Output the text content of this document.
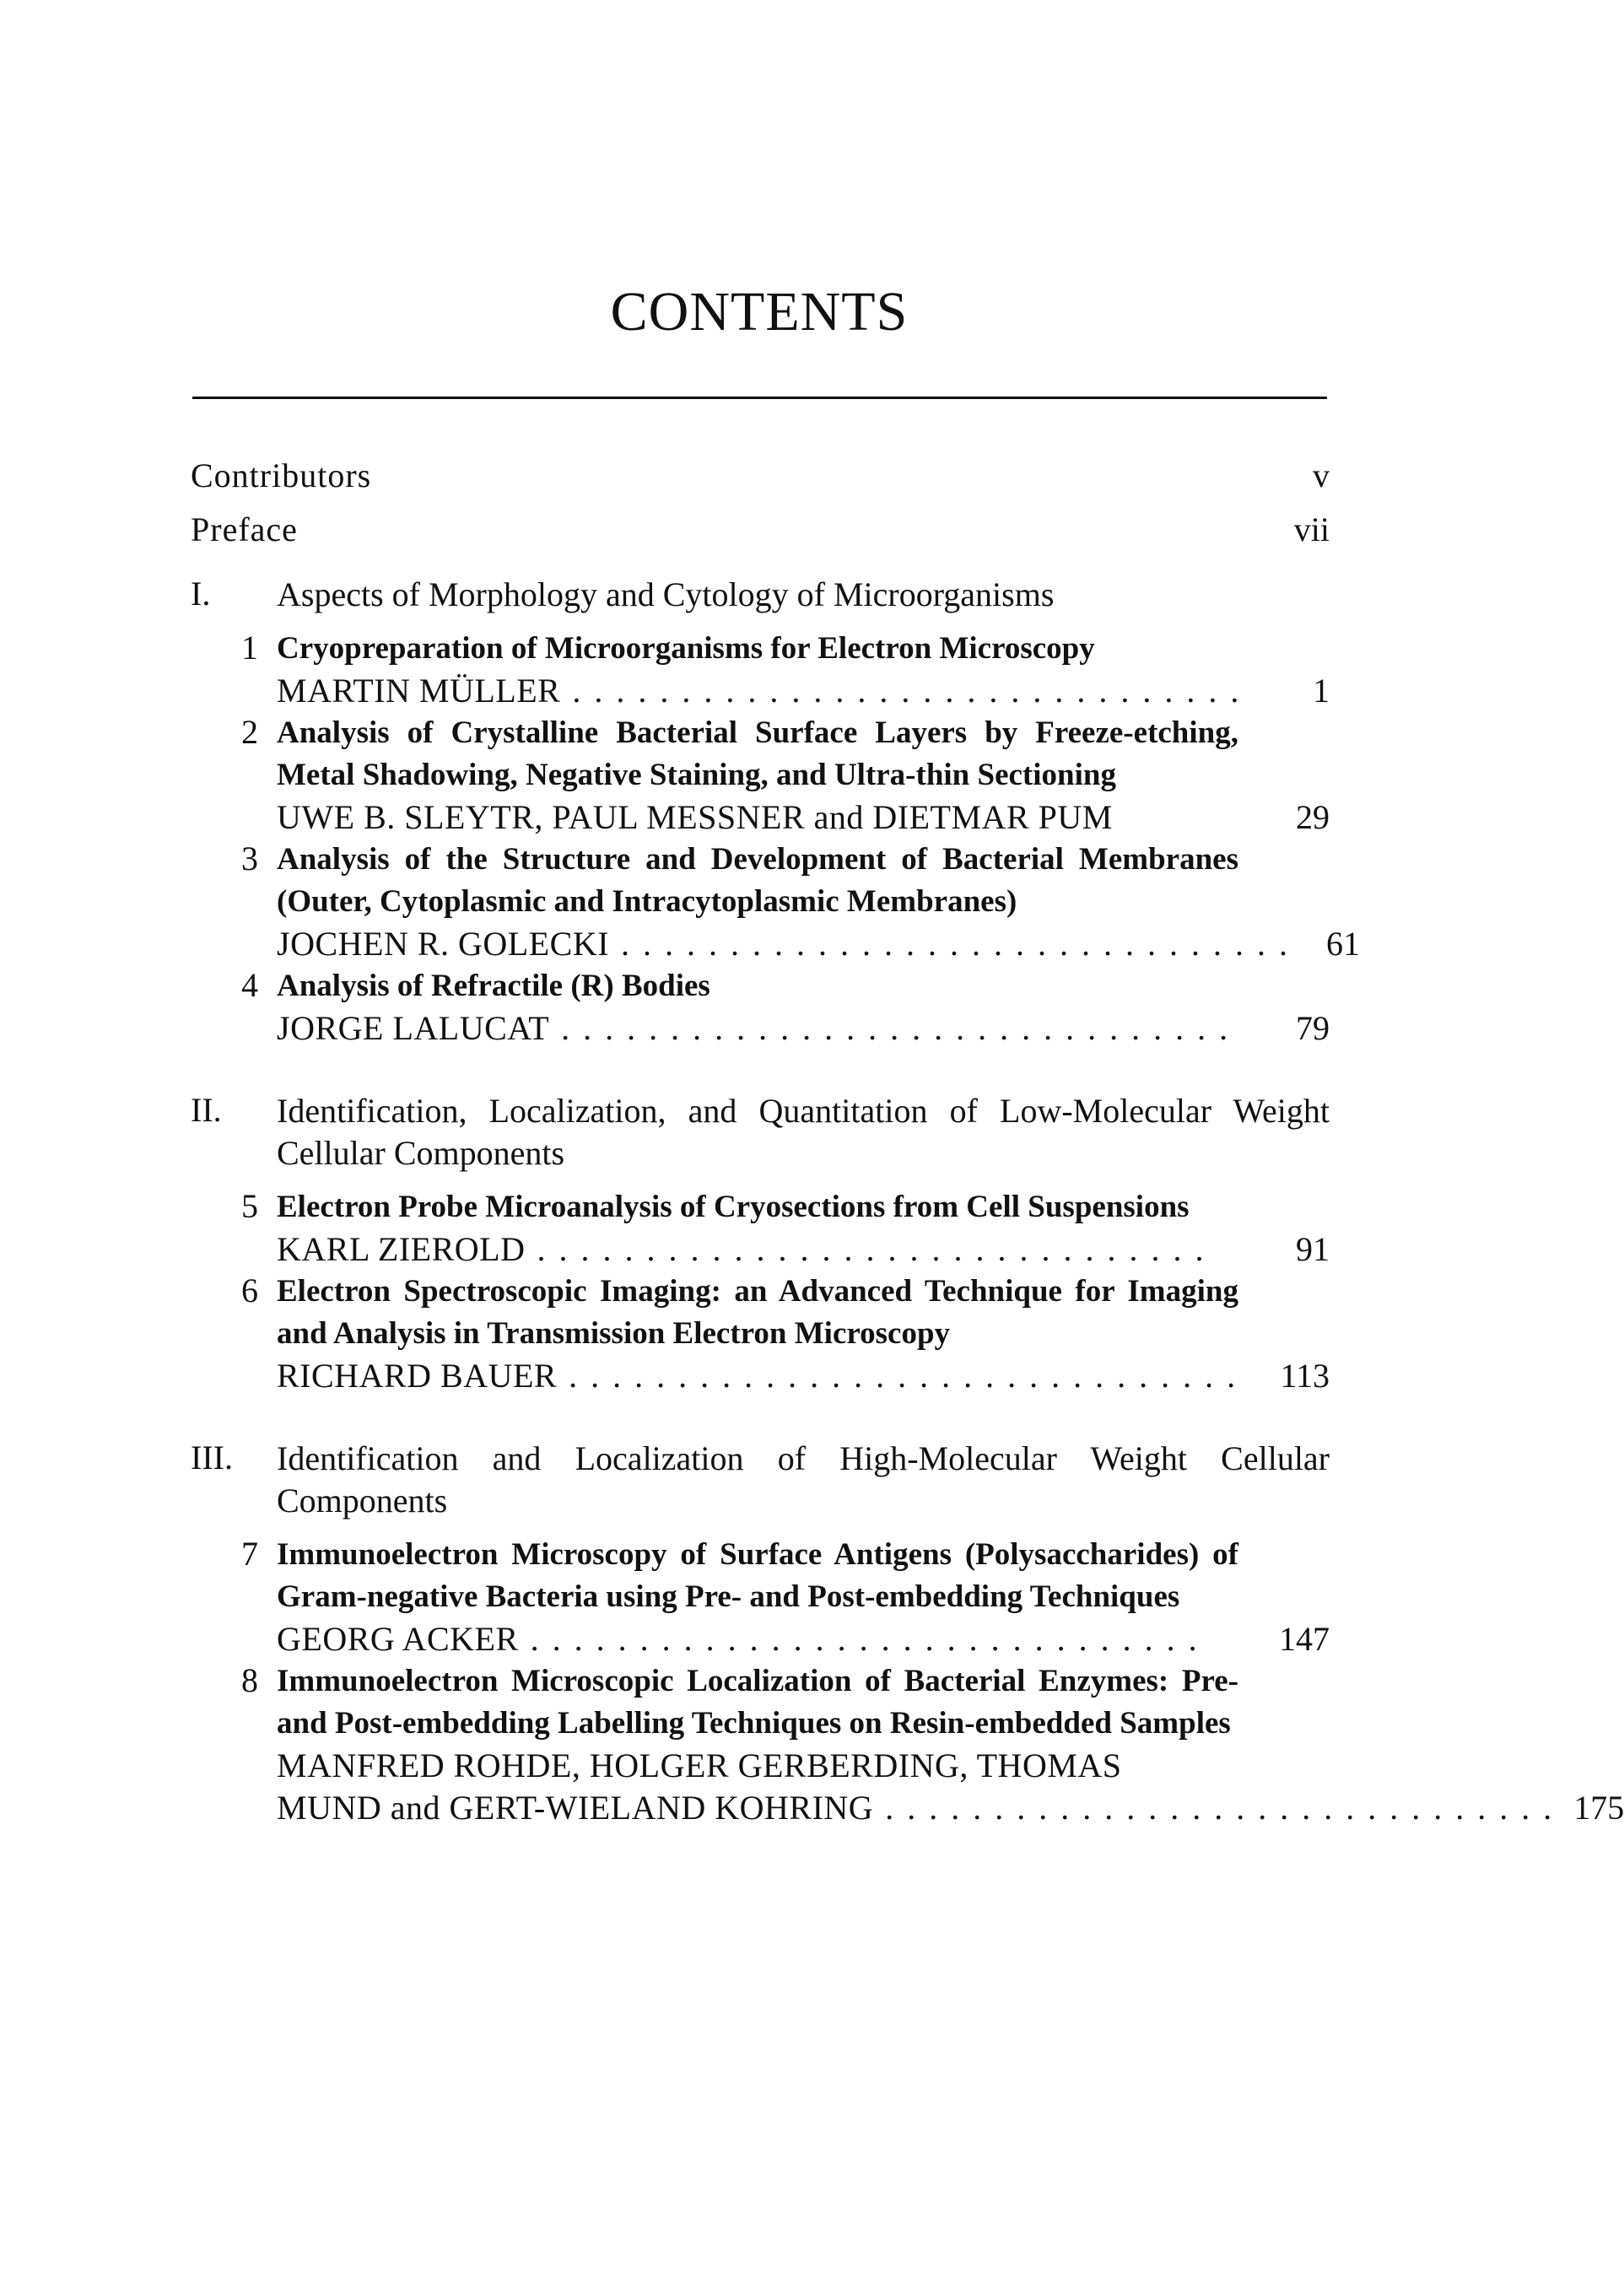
CONTENTS
Contributors	v
Preface	vii
I.	Aspects of Morphology and Cytology of Microorganisms
1 Cryopreparation of Microorganisms for Electron Microscopy
MARTIN MÜLLER ...............................	1
2 Analysis of Crystalline Bacterial Surface Layers by Freeze-etching, Metal Shadowing, Negative Staining, and Ultra-thin Sectioning
UWE B. SLEYTR, PAUL MESSNER and DIETMAR PUM	29
3 Analysis of the Structure and Development of Bacterial Membranes (Outer, Cytoplasmic and Intracytoplasmic Membranes)
JOCHEN R. GOLECKI ............................... 61
4 Analysis of Refractile (R) Bodies
JORGE LALUCAT ...............................	79
II.	Identification, Localization, and Quantitation of Low-Molecular Weight Cellular Components
5 Electron Probe Microanalysis of Cryosections from Cell Suspensions
KARL ZIEROLD ...............................	91
6 Electron Spectroscopic Imaging: an Advanced Technique for Imaging and Analysis in Transmission Electron Microscopy
RICHARD BAUER ............................... 113
III.	Identification and Localization of High-Molecular Weight Cellular Components
7 Immunoelectron Microscopy of Surface Antigens (Polysaccharides) of Gram-negative Bacteria using Pre- and Post-embedding Techniques
GEORG ACKER ...............................	147
8 Immunoelectron Microscopic Localization of Bacterial Enzymes: Pre- and Post-embedding Labelling Techniques on Resin-embedded Samples
MANFRED ROHDE, HOLGER GERBERDING, THOMAS
MUND and GERT-WIELAND KOHRING ............................... 175
